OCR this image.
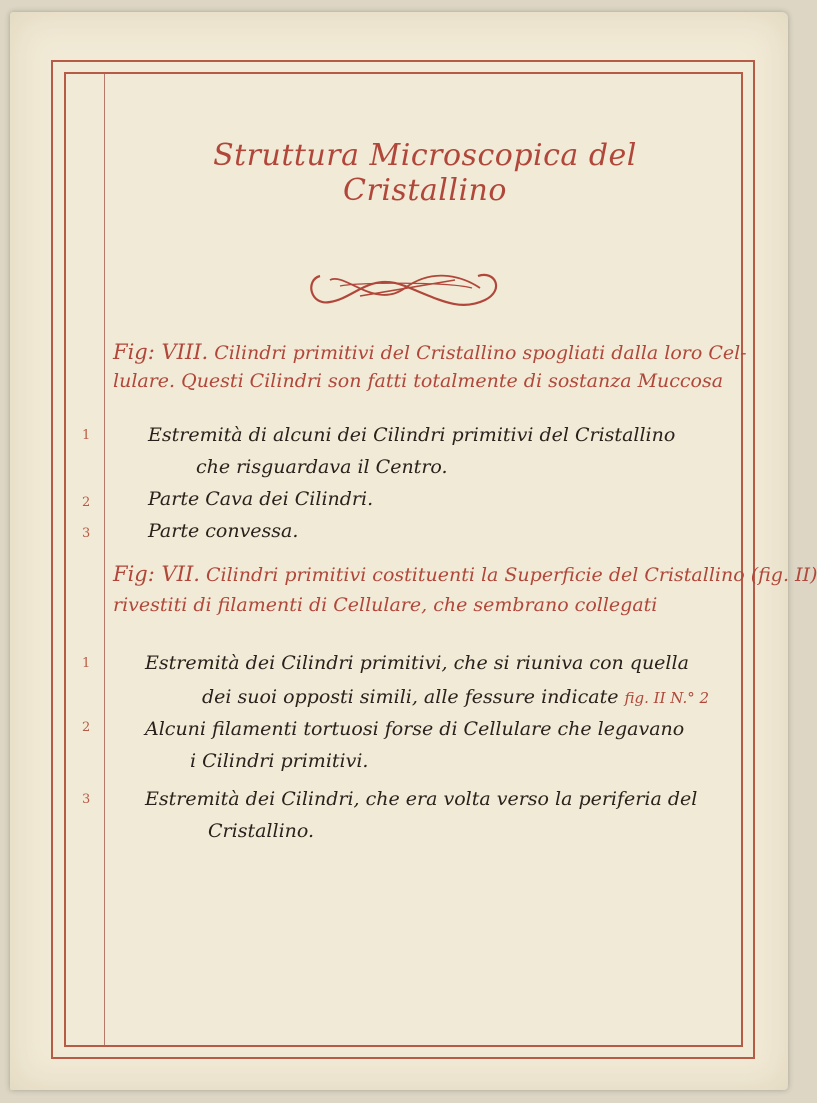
Struttura Microscopica del Cristallino
Fig: VIII. Cilindri primitivi del Cristallino spogliati dalla loro Cel-
lulare. Questi Cilindri son fatti totalmente di sostanza Muccosa
1	Estremità di alcuni dei Cilindri primitivi del Cristallino
che risguardava il Centro.
2	Parte Cava dei Cilindri.
3	Parte convessa.
Fig: VII. Cilindri primitivi costituenti la Superficie del Cristallino (fig. II)
rivestiti di filamenti di Cellulare, che sembrano collegati
1	Estremità dei Cilindri primitivi, che si riuniva con quella
dei suoi opposti simili, alle fessure indicate fig. II N.° 2
2	Alcuni filamenti tortuosi forse di Cellulare che legavano
i Cilindri primitivi.
3	Estremità dei Cilindri, che era volta verso la periferia del
Cristallino.
